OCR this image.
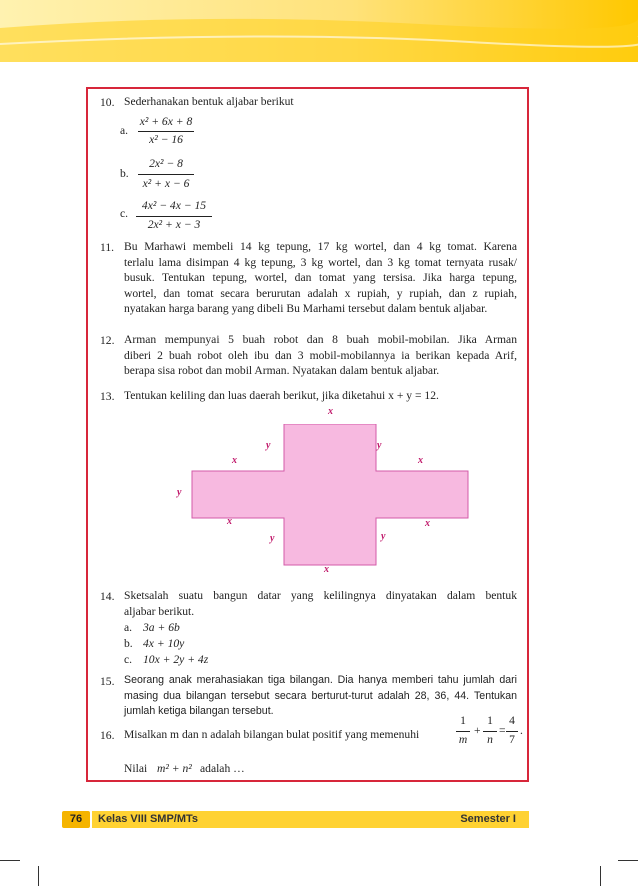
10. Sederhanakan bentuk aljabar berikut
a.
x² + 6x + 8
x² − 16
b.
2x² − 8
x² + x − 6
c.
4x² − 4x − 15
2x² + x − 3
11. Bu Marhawi membeli 14 kg tepung, 17 kg wortel, dan 4 kg tomat. Karena
terlalu lama disimpan 4 kg tepung, 3 kg wortel, dan 3 kg tomat ternyata rusak/
busuk. Tentukan tepung, wortel, dan tomat yang tersisa. Jika harga tepung,
wortel, dan tomat secara berurutan adalah x rupiah, y rupiah, dan z rupiah,
nyatakan harga barang yang dibeli Bu Marhami tersebut dalam bentuk aljabar.
12. Arman mempunyai 5 buah robot dan 8 buah mobil-mobilan. Jika Arman
diberi 2 buah robot oleh ibu dan 3 mobil-mobilannya ia berikan kepada Arif,
berapa sisa robot dan mobil Arman. Nyatakan dalam bentuk aljabar.
13. Tentukan keliling dan luas daerah berikut, jika diketahui x + y = 12.
x
y	y
x	x
y
x	x
y	y
x
14. Sketsalah suatu bangun datar yang kelilingnya dinyatakan dalam bentuk
aljabar berikut.
a. 3a + 6b
b. 4x + 10y
c. 10x + 2y + 4z
15. Seorang anak merahasiakan tiga bilangan. Dia hanya memberi tahu jumlah dari
masing dua bilangan tersebut secara berturut-turut adalah 28, 36, 44. Tentukan
jumlah ketiga bilangan tersebut.
16. Misalkan m dan n adalah bilangan bulat positif yang memenuhi
1
m
+
1
n
=
4
7
.
Nilai m² + n² adalah …
76	Kelas VIII SMP/MTs	Semester I
